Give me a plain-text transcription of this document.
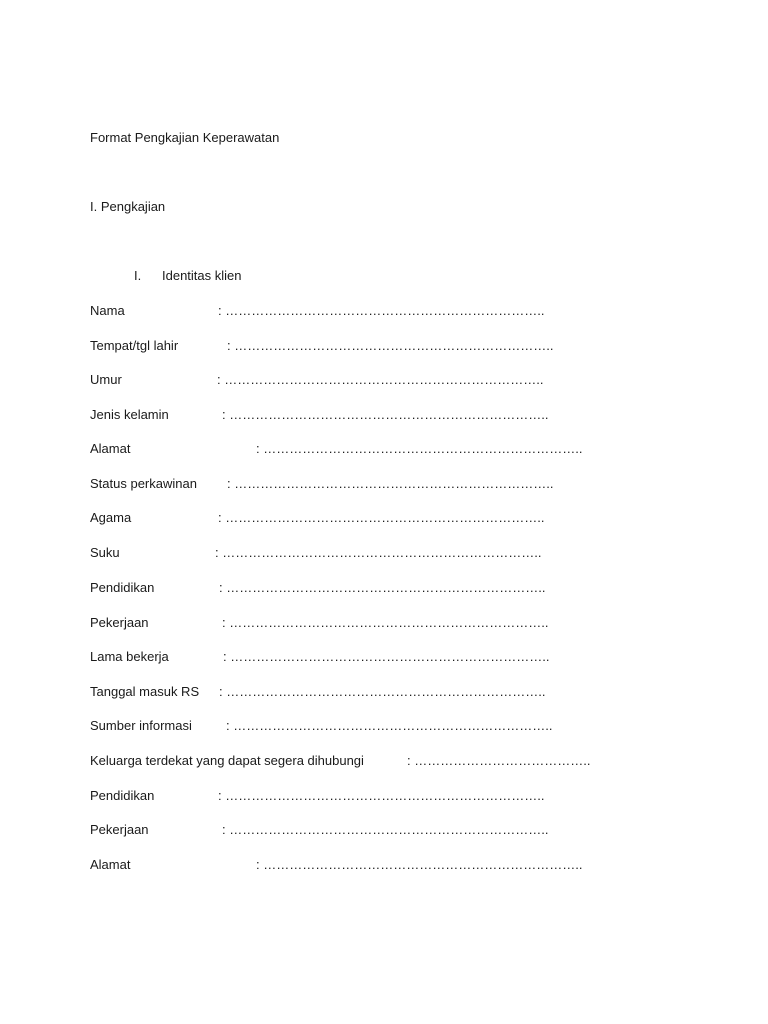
Format Pengkajian Keperawatan
I. Pengkajian
I. Identitas klien
Nama	: ………………………………………………………………..
Tempat/tgl lahir	: ………………………………………………………………..
Umur	: ………………………………………………………………..
Jenis kelamin	: ………………………………………………………………..
Alamat	: ………………………………………………………………..
Status perkawinan : ………………………………………………………………..
Agama	: ………………………………………………………………..
Suku	: ………………………………………………………………..
Pendidikan	: ………………………………………………………………..
Pekerjaan	: ………………………………………………………………..
Lama bekerja	: ………………………………………………………………..
Tanggal masuk RS : ………………………………………………………………..
Sumber informasi	: ………………………………………………………………..
Keluarga terdekat yang dapat segera dihubungi	: …………………………………..
Pendidikan	: ………………………………………………………………..
Pekerjaan	: ………………………………………………………………..
Alamat	: ………………………………………………………………..
